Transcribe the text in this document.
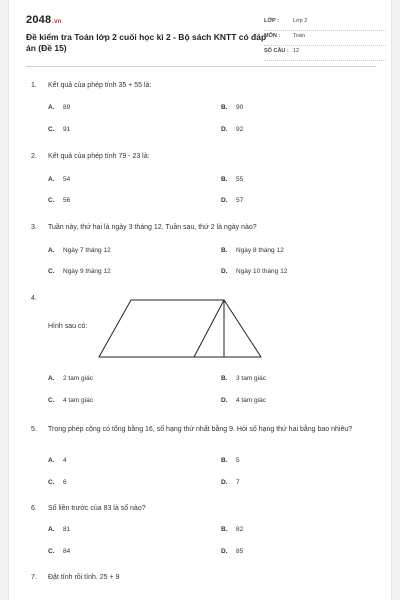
2048.vn
Đề kiểm tra Toán lớp 2 cuối học kì 2 - Bộ sách KNTT có đáp án (Đề 15)
LỚP :	Lớp 2
MÔN : Toán
SỐ CÂU : 12
1. Kết quả của phép tính 35 + 55 là:
A. 89	B. 90
C. 91	D. 92
2. Kết quả của phép tính 79 - 23 là:
A. 54	B. 55
C. 56	D. 57
3. Tuần này, thứ hai là ngày 3 tháng 12. Tuần sau, thứ 2 là ngày nào?
A. Ngày 7 tháng 12	B. Ngày 8 tháng 12
C. Ngày 9 tháng 12	D. Ngày 10 tháng 12
4.
Hình sau có:
A. 2 tam giác	B. 3 tam giác
C. 4 tam giác	D. 4 tam giác
5. Trong phép cộng có tổng bằng 16, số hạng thứ nhất bằng 9. Hỏi số hạng thứ hai bằng bao nhiêu?
A. 4	B. 5
C. 6	D. 7
6. Số liền trước của 83 là số nào?
A. 81	B. 82
C. 84	D. 85
7. Đặt tính rồi tính. 25 + 9
